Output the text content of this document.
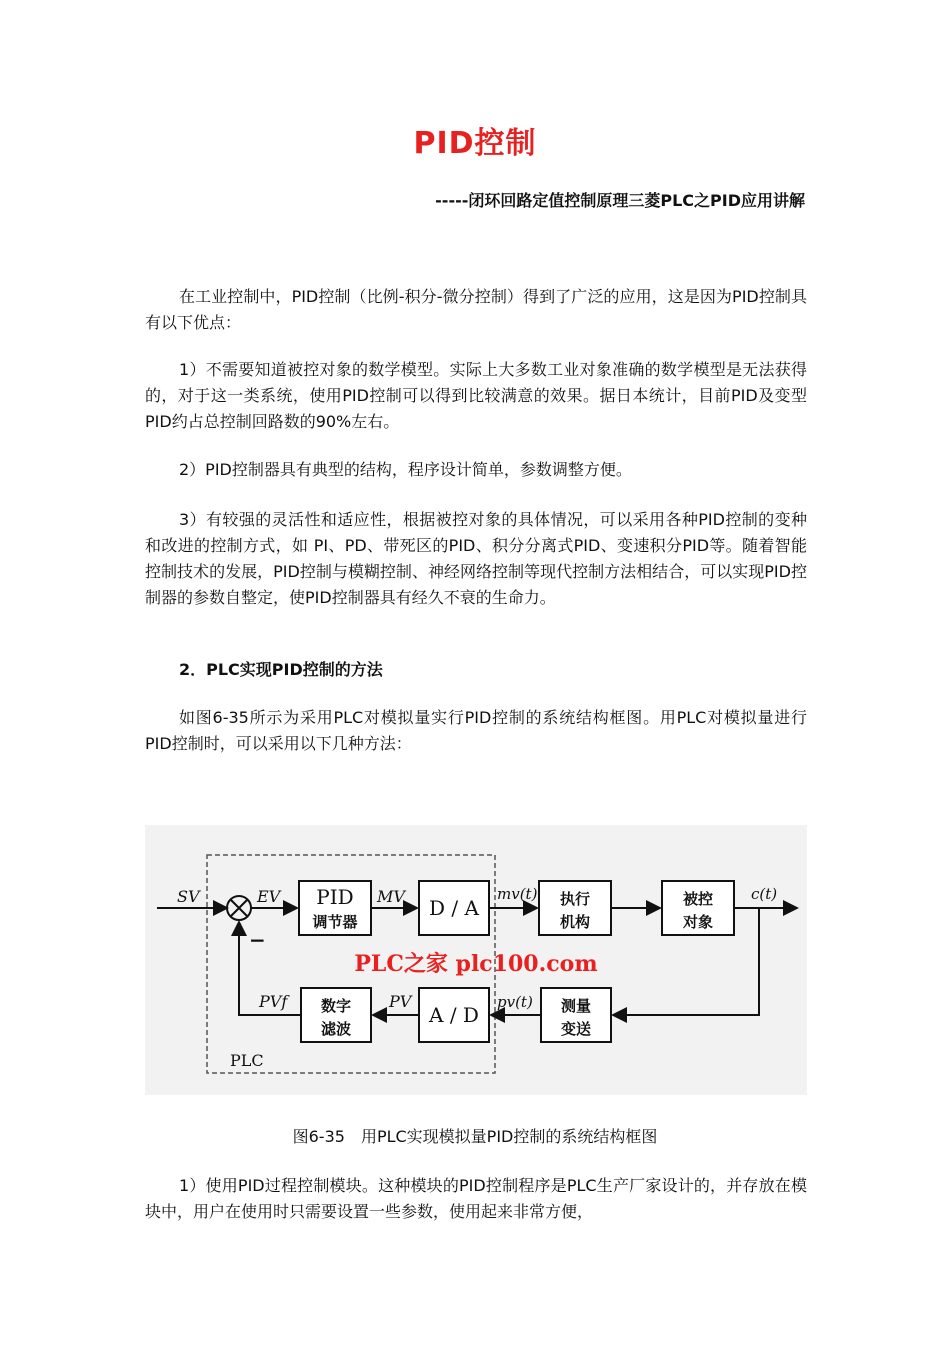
PID控制
-----闭环回路定值控制原理三菱PLC之PID应用讲解

在工业控制中，PID控制（比例-积分-微分控制）得到了广泛的应用，这是因为PID控制具有以下优点：

1）不需要知道被控对象的数学模型。实际上大多数工业对象准确的数学模型是无法获得的，对于这一类系统，使用PID控制可以得到比较满意的效果。据日本统计，目前PID及变型PID约占总控制回路数的90%左右。

2）PID控制器具有典型的结构，程序设计简单，参数调整方便。

3）有较强的灵活性和适应性，根据被控对象的具体情况，可以采用各种PID控制的变种和改进的控制方式，如 PI、PD、带死区的PID、积分分离式PID、变速积分PID等。随着智能控制技术的发展，PID控制与模糊控制、神经网络控制等现代控制方法相结合，可以实现PID控制器的参数自整定，使PID控制器具有经久不衰的生命力。

2．PLC实现PID控制的方法

如图6-35所示为采用PLC对模拟量实行PID控制的系统结构框图。用PLC对模拟量进行PID控制时，可以采用以下几种方法：

PLC
SV
−
EV PID
调节器
MV D / A
mv(t) 执行
机构
被控
对象
c(t)
测量
变送
pv(t)
A / D
PV
数字
滤波
PVf
PLC之家 plc100.com
图6-35　用PLC实现模拟量PID控制的系统结构框图

1）使用PID过程控制模块。这种模块的PID控制程序是PLC生产厂家设计的，并存放在模块中，用户在使用时只需要设置一些参数，使用起来非常方便，
